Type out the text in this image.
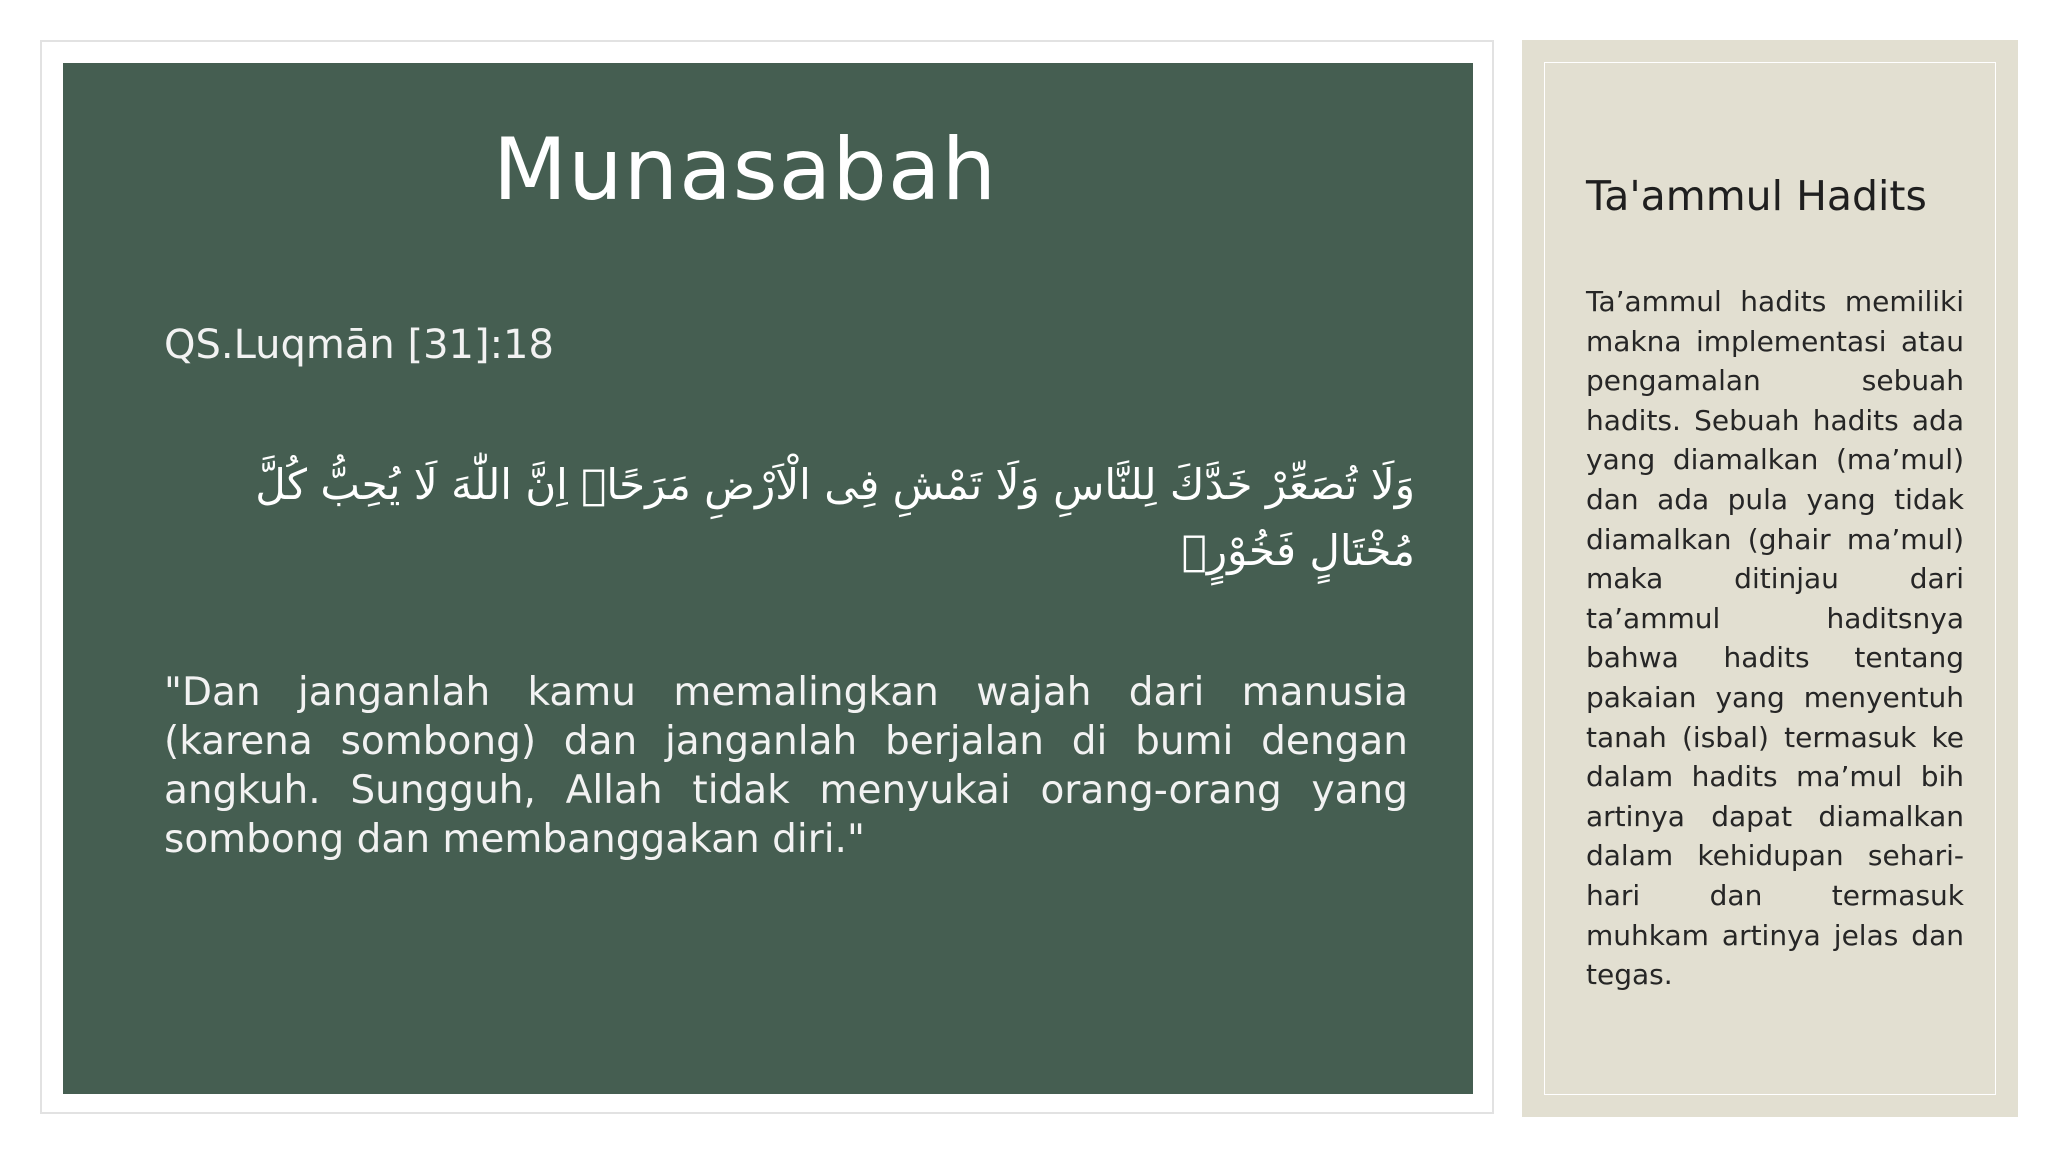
Munasabah

QS.Luqmān [31]:18

وَلَا تُصَعِّرْ خَدَّكَ لِلنَّاسِ وَلَا تَمْشِ فِى الْاَرْضِ مَرَحًاۗ اِنَّ اللّٰهَ لَا يُحِبُّ كُلَّ مُخْتَالٍ فَخُوْرٍۚ

"Dan janganlah kamu memalingkan wajah dari manusia (karena sombong) dan janganlah berjalan di bumi dengan angkuh. Sungguh, Allah tidak menyukai orang-orang yang sombong dan membanggakan diri."

Ta'ammul Hadits

Ta’ammul hadits memiliki makna implementasi atau pengamalan sebuah hadits. Sebuah hadits ada yang diamalkan (ma’mul) dan ada pula yang tidak diamalkan (ghair ma’mul) maka ditinjau dari ta’ammul haditsnya bahwa hadits tentang pakaian yang menyentuh tanah (isbal) termasuk ke dalam hadits ma’mul bih artinya dapat diamalkan dalam kehidupan sehari-hari dan termasuk muhkam artinya jelas dan tegas.
